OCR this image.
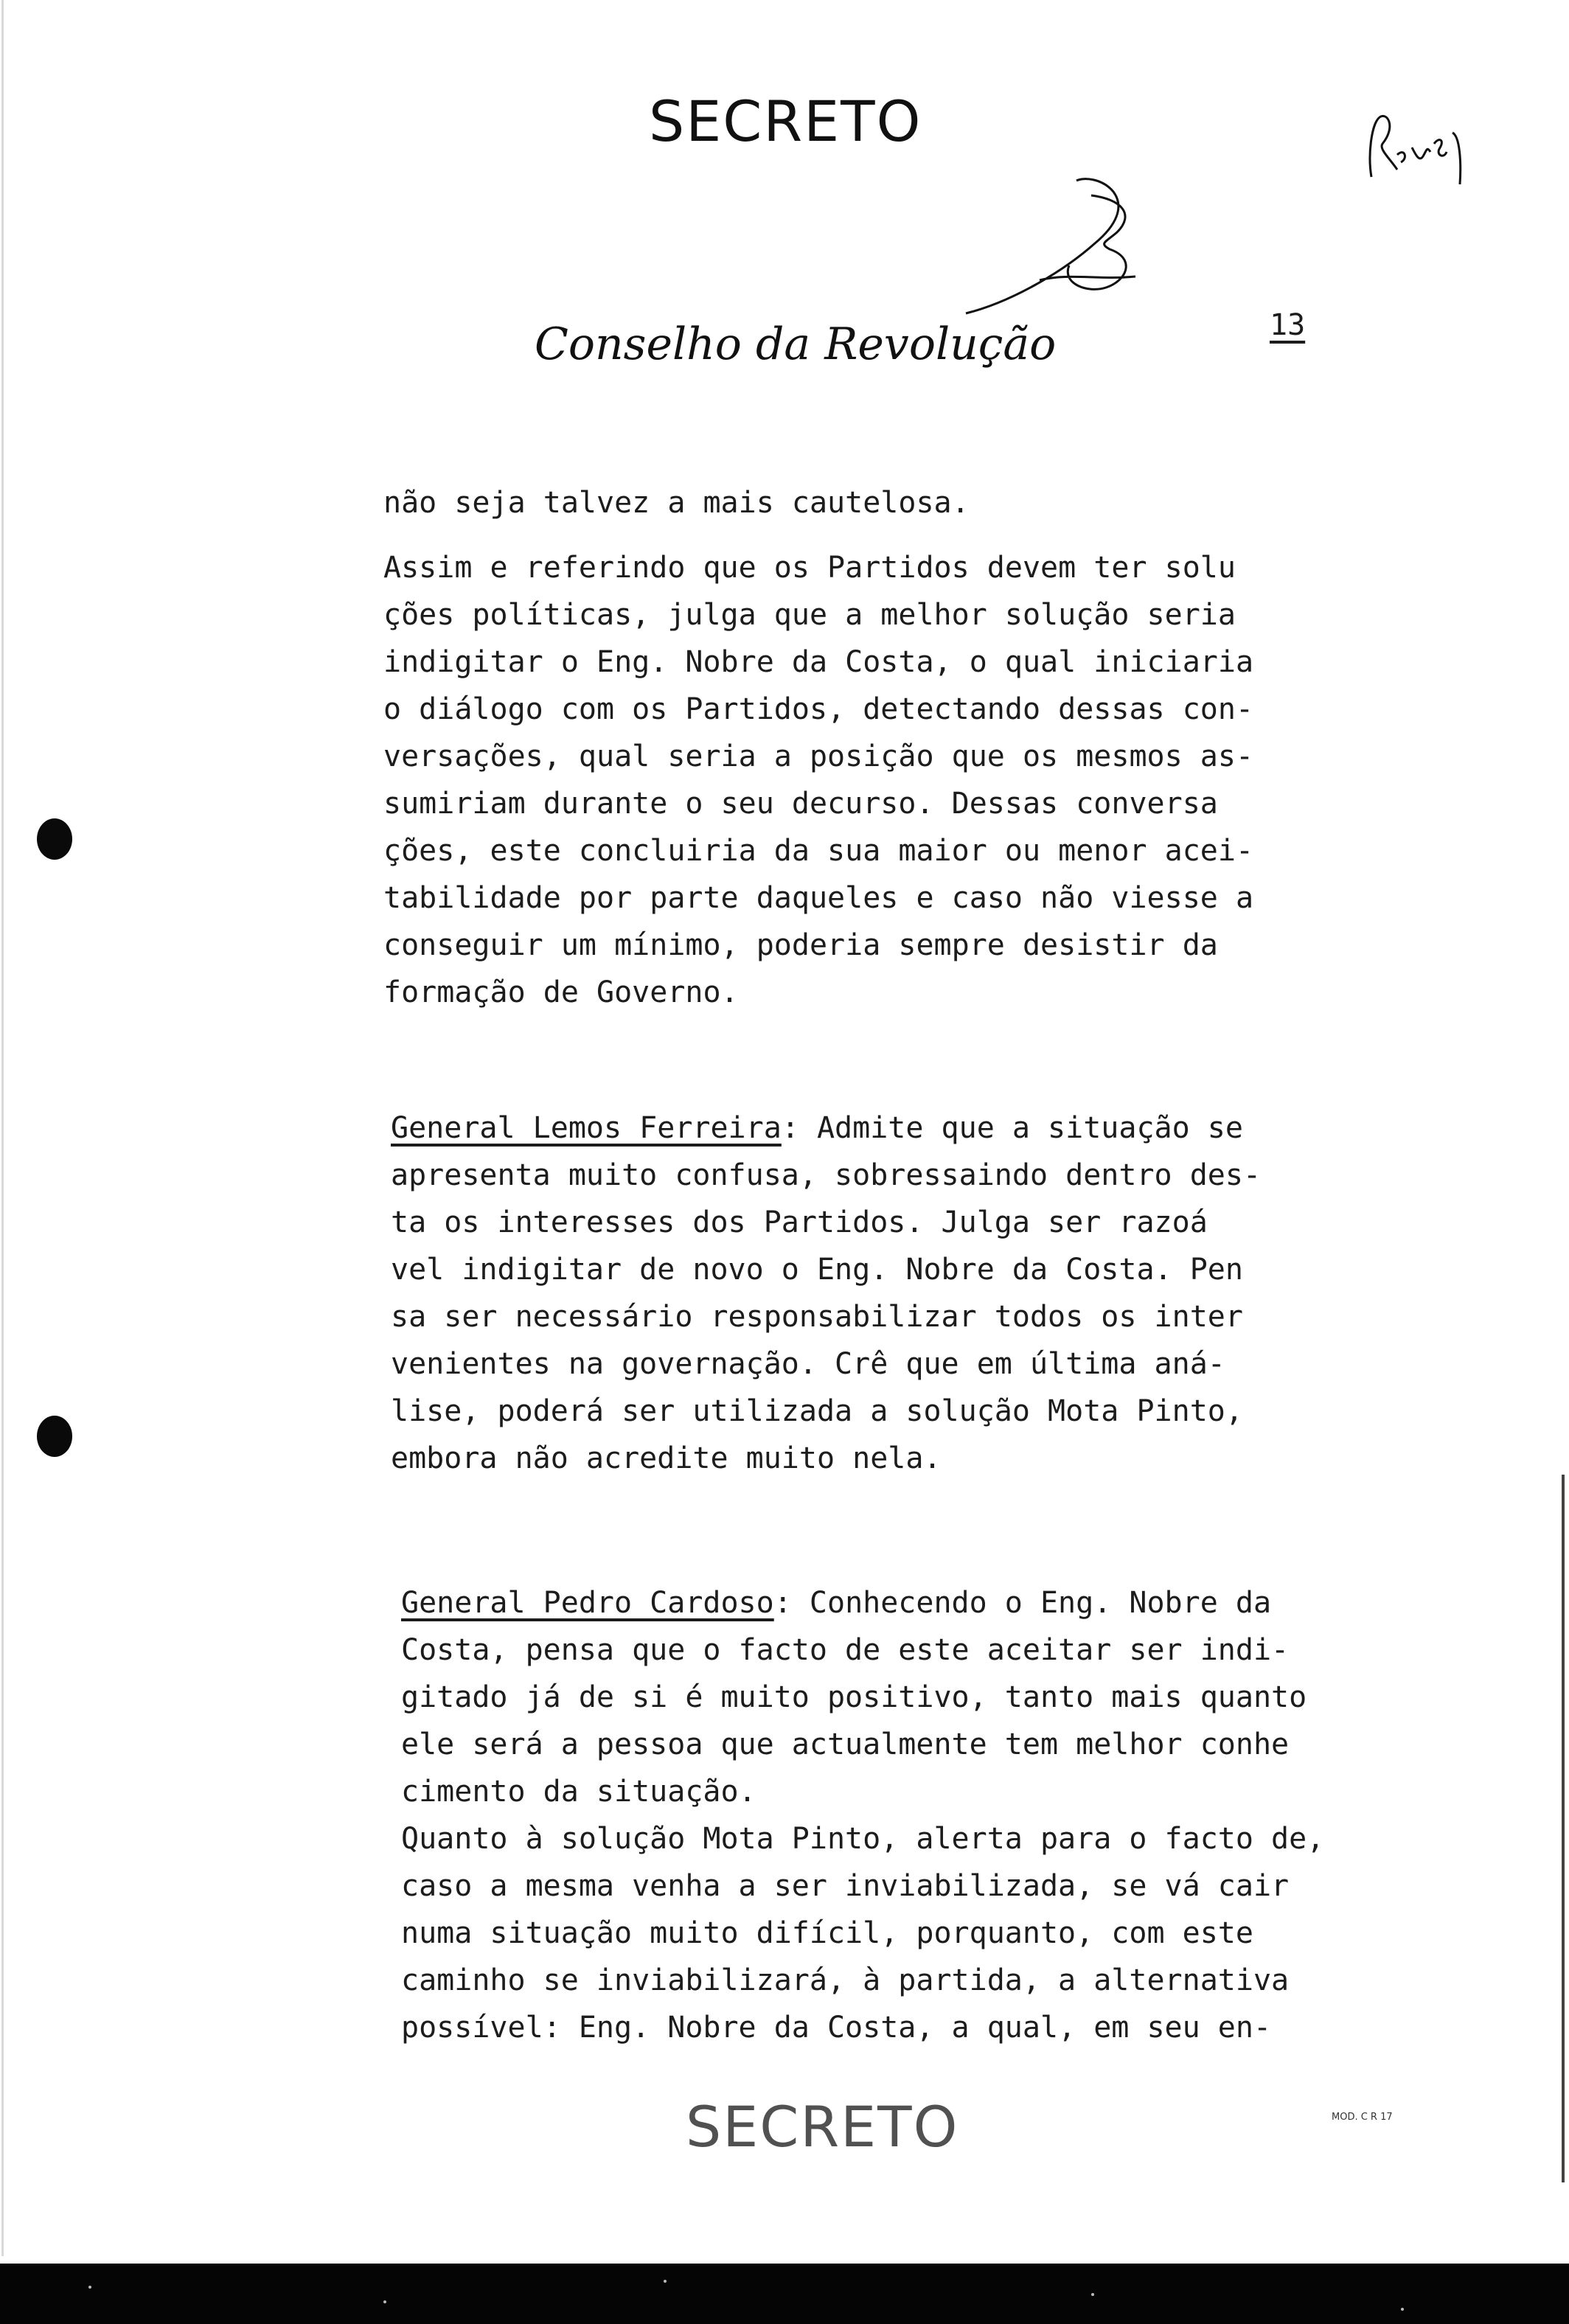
SECRETO
Conselho da Revolução	13
não seja talvez a mais cautelosa.
Assim e referindo que os Partidos devem ter solu
ções políticas, julga que a melhor solução seria
indigitar o Eng. Nobre da Costa, o qual iniciaria
o diálogo com os Partidos, detectando dessas con-
versações, qual seria a posição que os mesmos as-
sumiriam durante o seu decurso. Dessas conversa
ções, este concluiria da sua maior ou menor acei-
tabilidade por parte daqueles e caso não viesse a
conseguir um mínimo, poderia sempre desistir da
formação de Governo.
General Lemos Ferreira: Admite que a situação se
apresenta muito confusa, sobressaindo dentro des-
ta os interesses dos Partidos. Julga ser razoá
vel indigitar de novo o Eng. Nobre da Costa. Pen
sa ser necessário responsabilizar todos os inter
venientes na governação. Crê que em última aná-
lise, poderá ser utilizada a solução Mota Pinto,
embora não acredite muito nela.
General Pedro Cardoso: Conhecendo o Eng. Nobre da
Costa, pensa que o facto de este aceitar ser indi-
gitado já de si é muito positivo, tanto mais quanto
ele será a pessoa que actualmente tem melhor conhe
cimento da situação.
Quanto à solução Mota Pinto, alerta para o facto de,
caso a mesma venha a ser inviabilizada, se vá cair
numa situação muito difícil, porquanto, com este
caminho se inviabilizará, à partida, a alternativa
possível: Eng. Nobre da Costa, a qual, em seu en-
SECRETO	MOD. C R 17
